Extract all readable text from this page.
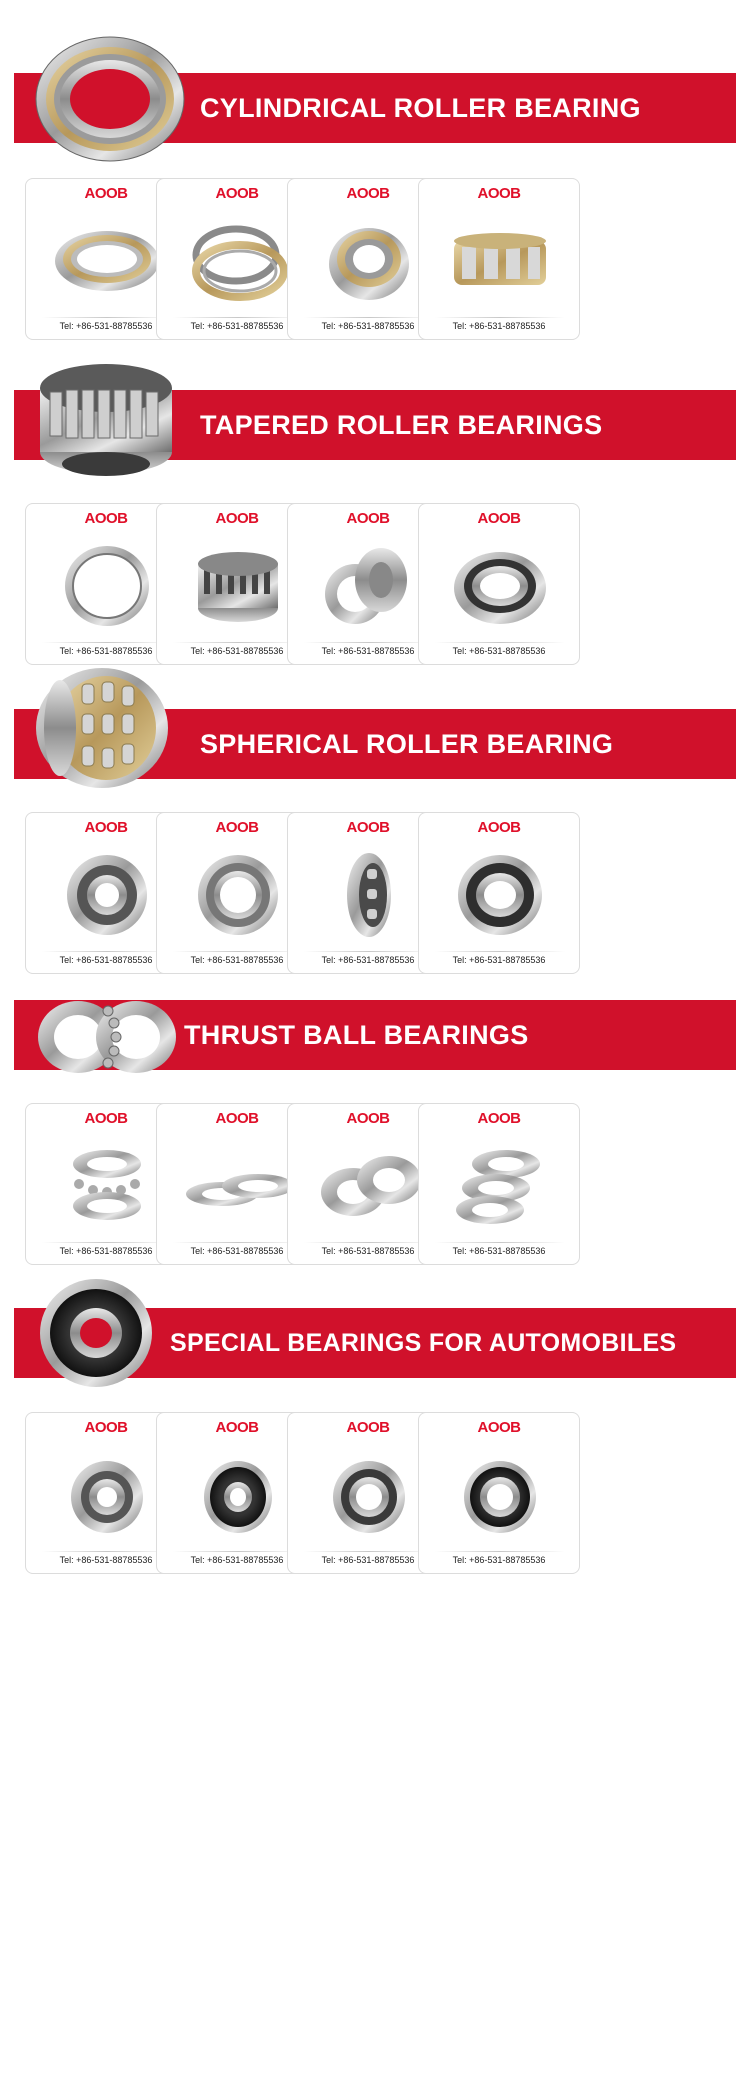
CYLINDRICAL ROLLER BEARING
AOOB
Tel: +86-531-88785536
AOOB
Tel: +86-531-88785536
AOOB
Tel: +86-531-88785536
AOOB
Tel: +86-531-88785536
TAPERED ROLLER BEARINGS
AOOB
Tel: +86-531-88785536
AOOB
Tel: +86-531-88785536
AOOB
Tel: +86-531-88785536
AOOB
Tel: +86-531-88785536
SPHERICAL ROLLER BEARING
AOOB
Tel: +86-531-88785536
AOOB
Tel: +86-531-88785536
AOOB
Tel: +86-531-88785536
AOOB
Tel: +86-531-88785536
THRUST BALL BEARINGS
AOOB
Tel: +86-531-88785536
AOOB
Tel: +86-531-88785536
AOOB
Tel: +86-531-88785536
AOOB
Tel: +86-531-88785536
SPECIAL BEARINGS FOR AUTOMOBILES
AOOB
Tel: +86-531-88785536
AOOB
Tel: +86-531-88785536
AOOB
Tel: +86-531-88785536
AOOB
Tel: +86-531-88785536
